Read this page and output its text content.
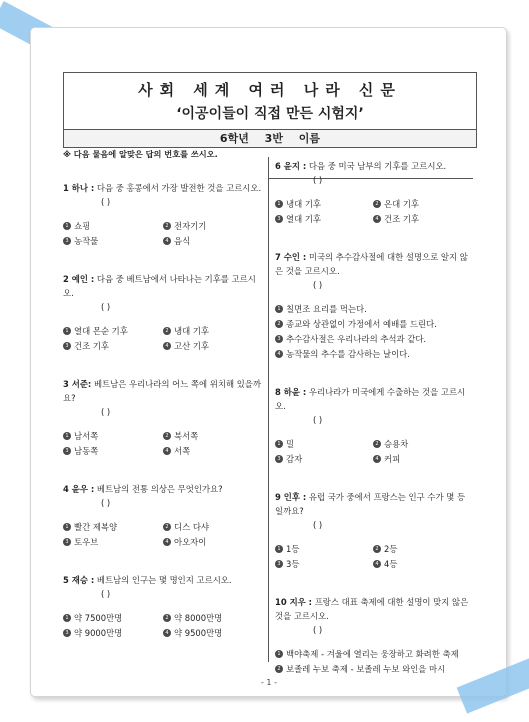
사회 세계 여러 나라 신문
‘이공이들이 직접 만든 시험지’
6학년 3반 이름
※ 다음 물음에 알맞은 답의 번호를 쓰시오.
1 하나 : 다음 중 홍콩에서 가장 발전한 것을 고르시오.
( )
1 쇼핑	2 전자기기
3 농작물	4 음식
2 예인 : 다음 중 베트남에서 나타나는 기후를 고르시오.
( )
1 열대 몬순 기후	2 냉대 기후
3 건조 기후	4 고산 기후
3 서준: 베트남은 우리나라의 어느 쪽에 위치해 있을까요?
( )
1 남서쪽	2 북서쪽
3 남동쪽	4 서쪽
4 윤우 : 베트남의 전통 의상은 무엇인가요?
( )
1 빨간 제복양	2 디스 다샤
3 토우브	4 아오자이
5 재승 : 베트남의 인구는 몇 명인지 고르시오.
( )
1 약 7500만명	2 약 8000만명
3 약 9000만명	4 약 9500만명
6 윤지 : 다음 중 미국 남부의 기후를 고르시오.
( )
1 냉대 기후	2 온대 기후
3 열대 기후	4 건조 기후
7 수인 : 미국의 추수감사절에 대한 설명으로 알지 않은 것을 고르시오.
( )
1 칠면조 요리를 먹는다.
2 종교와 상관없이 가정에서 예배를 드린다.
3 추수감사절은 우리나라의 추석과 같다.
4 농작물의 추수를 감사하는 날이다.
8 하윤 : 우리나라가 미국에게 수출하는 것을 고르시오.
( )
1 밀	2 승용차
3 감자	4 커피
9 인후 : 유럽 국가 중에서 프랑스는 인구 수가 몇 등일까요?
( )
1 1등	2 2등
3 3등	4 4등
10 지우 : 프랑스 대표 축제에 대한 설명이 맞지 않은 것을 고르시오.
( )
1 백야축제 - 겨울에 열리는 웅장하고 화려한 축제
2 보졸레 누보 축제 - 보졸레 누보 와인을 마시
- 1 -
